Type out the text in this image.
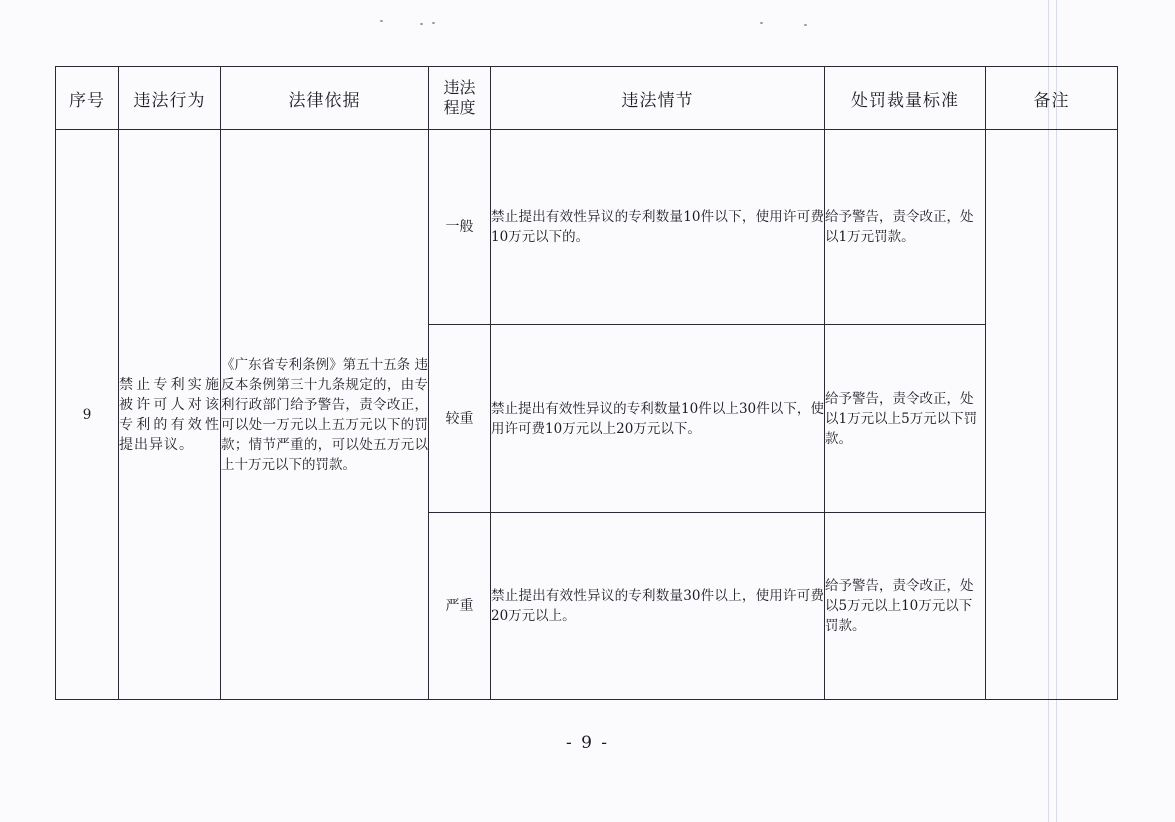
序号	违法行为	法律依据	违法程度	违法情节	处罚裁量标准	备注
9	禁止专利实施被许可人对该专利的有效性提出异议。	《广东省专利条例》第五十五条 违反本条例第三十九条规定的，由专利行政部门给予警告，责令改正，可以处一万元以上五万元以下的罚款；情节严重的，可以处五万元以上十万元以下的罚款。	一般	禁止提出有效性异议的专利数量10件以下，使用许可费10万元以下的。	给予警告，责令改正，处以1万元罚款。	
			较重	禁止提出有效性异议的专利数量10件以上30件以下，使用许可费10万元以上20万元以下。	给予警告，责令改正，处以1万元以上5万元以下罚款。	
			严重	禁止提出有效性异议的专利数量30件以上，使用许可费20万元以上。	给予警告，责令改正，处以5万元以上10万元以下罚款。	
- 9 -
